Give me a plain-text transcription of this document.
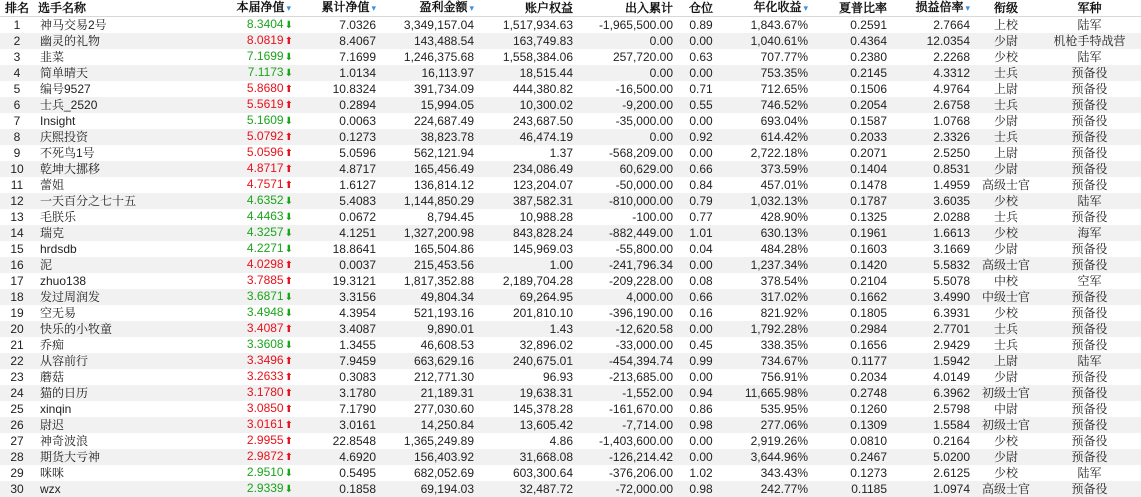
排名	选手名称	本届净值 ▾	累计净值 ▾	盈利金额 ▾	账户权益	出入累计	仓位	年化收益 ▾	夏普比率	损益倍率 ▾	衔级	军种
1	神马交易2号	8.3404⬇	7.0326	3,349,157.04	1,517,934.63	-1,965,500.00	0.89	1,843.67%	0.2591	2.7664	上校	陆军
2	幽灵的礼物	8.0819⬆	8.4067	143,488.54	163,749.83	0.00	0.00	1,040.61%	0.4364	12.0354	少尉	机枪手特战营
3	韭菜	7.1699⬇	7.1699	1,246,375.68	1,558,384.06	257,720.00	0.63	707.77%	0.2380	2.2268	少校	陆军
4	简单晴天	7.1173⬇	1.0134	16,113.97	18,515.44	0.00	0.00	753.35%	0.2145	4.3312	士兵	预备役
5	编号9527	5.8680⬆	10.8324	391,734.09	444,380.82	-16,500.00	0.71	712.65%	0.1506	4.9764	上尉	预备役
6	士兵_2520	5.5619⬆	0.2894	15,994.05	10,300.02	-9,200.00	0.55	746.52%	0.2054	2.6758	士兵	预备役
7	Insight	5.1609⬇	0.0063	224,687.49	243,687.50	-35,000.00	0.00	693.04%	0.1587	1.0768	少尉	预备役
8	庆熙投资	5.0792⬆	0.1273	38,823.78	46,474.19	0.00	0.92	614.42%	0.2033	2.3326	士兵	预备役
9	不死鸟1号	5.0596⬆	5.0596	562,121.94	1.37	-568,209.00	0.00	2,722.18%	0.2071	2.5250	上尉	预备役
10	乾坤大挪移	4.8717⬆	4.8717	165,456.49	234,086.49	60,629.00	0.66	373.59%	0.1404	0.8531	少尉	预备役
11	蕾姐	4.7571⬆	1.6127	136,814.12	123,204.07	-50,000.00	0.84	457.01%	0.1478	1.4959	高级士官	预备役
12	一天百分之七十五	4.6352⬇	5.4083	1,144,850.29	387,582.31	-810,000.00	0.79	1,032.13%	0.1787	3.6035	少校	陆军
13	毛朕乐	4.4463⬇	0.0672	8,794.45	10,988.28	-100.00	0.77	428.90%	0.1325	2.0288	士兵	预备役
14	瑞克	4.3257⬇	4.1251	1,327,200.98	843,828.24	-882,449.00	1.01	630.13%	0.1961	1.6613	少校	海军
15	hrdsdb	4.2271⬇	18.8641	165,504.86	145,969.03	-55,800.00	0.04	484.28%	0.1603	3.1669	少尉	预备役
16	泥	4.0298⬆	0.0037	215,453.56	1.00	-241,796.34	0.00	1,237.34%	0.1420	5.5832	高级士官	预备役
17	zhuo138	3.7885⬆	19.3121	1,817,352.88	2,189,704.28	-209,228.00	0.08	378.54%	0.2104	5.5078	中校	空军
18	发过周润发	3.6871⬇	3.3156	49,804.34	69,264.95	4,000.00	0.66	317.02%	0.1662	3.4990	中级士官	预备役
19	空无易	3.4948⬇	4.3954	521,193.16	201,810.10	-396,190.00	0.16	821.92%	0.1805	6.3931	少校	预备役
20	快乐的小牧童	3.4087⬆	3.4087	9,890.01	1.43	-12,620.58	0.00	1,792.28%	0.2984	2.7701	士兵	预备役
21	乔痴	3.3608⬇	1.3455	46,608.53	32,896.02	-33,000.00	0.45	338.35%	0.1656	2.9429	士兵	预备役
22	从容前行	3.3496⬆	7.9459	663,629.16	240,675.01	-454,394.74	0.99	734.67%	0.1177	1.5942	上尉	陆军
23	蘑菇	3.2633⬆	0.3083	212,771.30	96.93	-213,685.00	0.00	756.91%	0.2034	4.0149	少尉	预备役
24	猫的日历	3.1780⬆	3.1780	21,189.31	19,638.31	-1,552.00	0.94	11,665.98%	0.2748	6.3962	初级士官	预备役
25	xinqin	3.0850⬆	7.1790	277,030.60	145,378.28	-161,670.00	0.86	535.95%	0.1260	2.5798	中尉	预备役
26	尉迟	3.0161⬆	3.0161	14,250.84	13,605.42	-7,714.00	0.98	277.06%	0.1309	1.5584	初级士官	预备役
27	神奇波浪	2.9955⬆	22.8548	1,365,249.89	4.86	-1,403,600.00	0.00	2,919.26%	0.0810	0.2164	少校	预备役
28	期货大亏神	2.9872⬆	4.6920	156,403.92	31,668.08	-126,214.42	0.00	3,644.96%	0.2467	5.0200	少尉	预备役
29	咪咪	2.9510⬇	0.5495	682,052.69	603,300.64	-376,206.00	1.02	343.43%	0.1273	2.6125	少校	陆军
30	wzx	2.9339⬇	0.1858	69,194.03	32,487.72	-72,000.00	0.98	242.77%	0.1185	1.0974	高级士官	预备役
